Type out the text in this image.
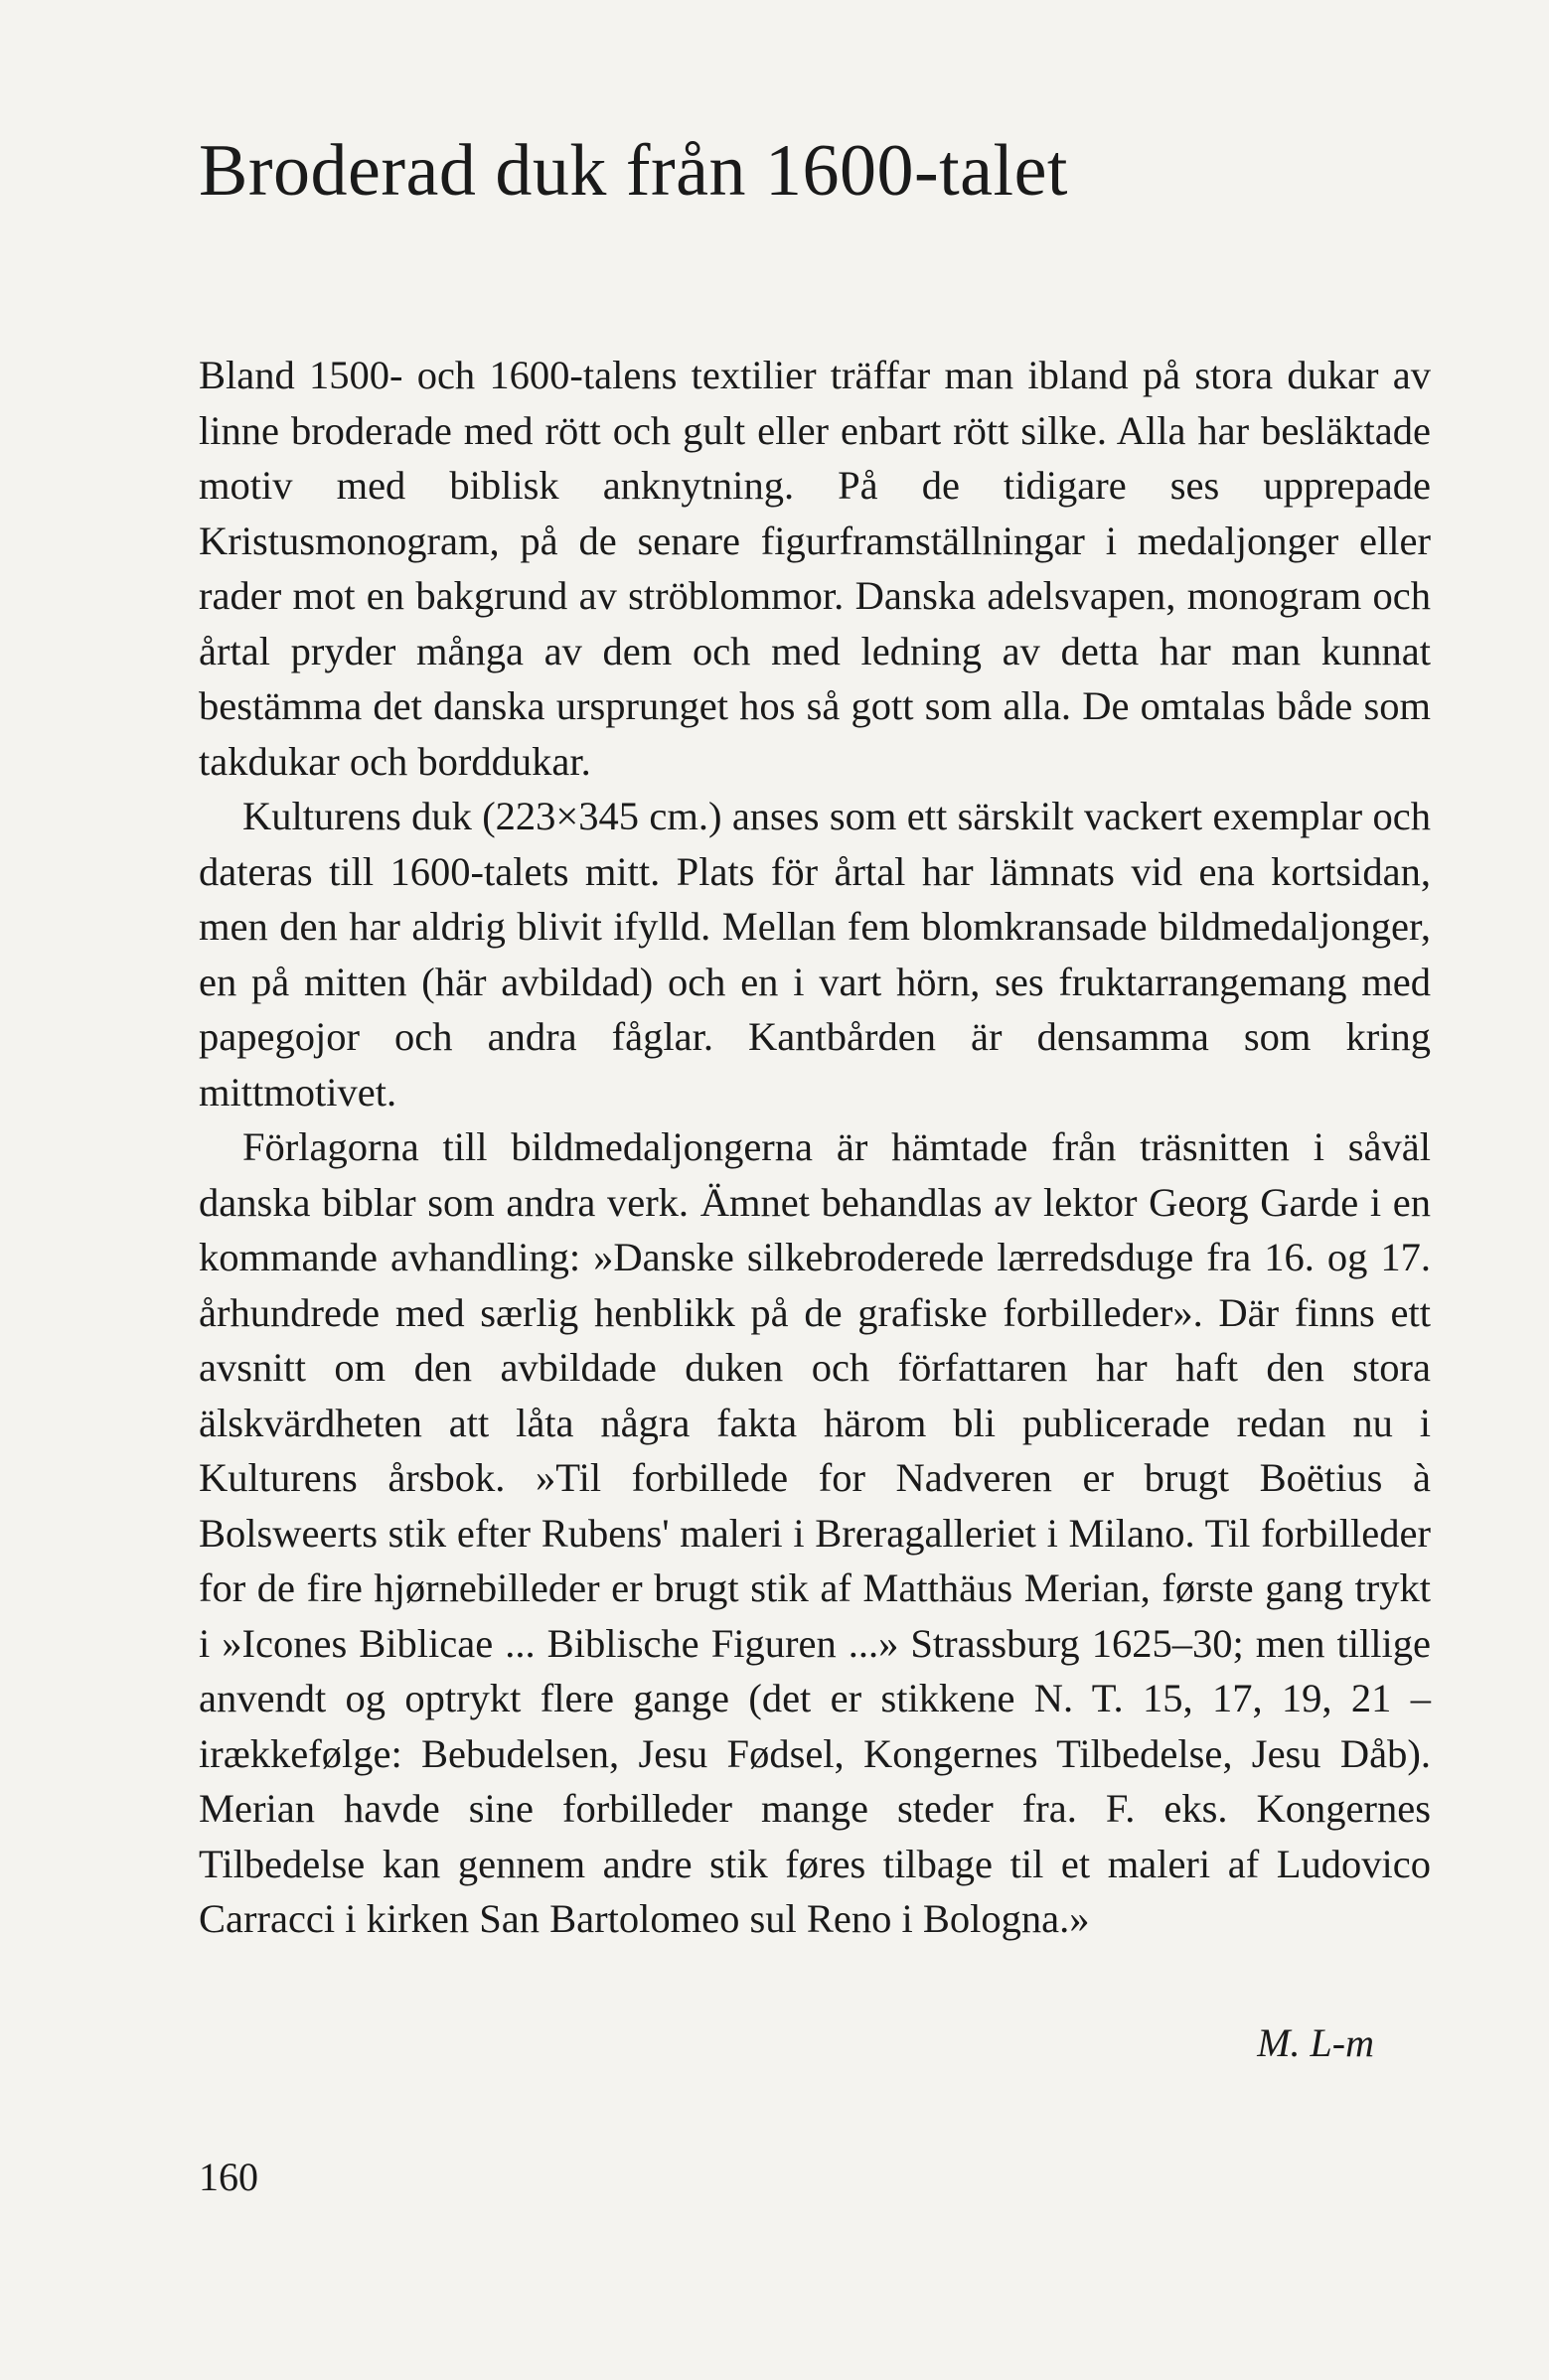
Broderad duk från 1600-talet

Bland 1500- och 1600-talens textilier träffar man ibland på stora dukar av linne broderade med rött och gult eller enbart rött silke. Alla har besläktade motiv med biblisk anknytning. På de tidigare ses upprepade Kristusmonogram, på de senare figurframställningar i medaljonger eller rader mot en bakgrund av ströblommor. Danska adelsvapen, monogram och årtal pryder många av dem och med ledning av detta har man kunnat bestämma det danska ursprunget hos så gott som alla. De omtalas både som takdukar och borddukar.

Kulturens duk (223×345 cm.) anses som ett särskilt vackert exemplar och dateras till 1600-talets mitt. Plats för årtal har lämnats vid ena kortsidan, men den har aldrig blivit ifylld. Mellan fem blomkransade bildmedaljonger, en på mitten (här avbildad) och en i vart hörn, ses fruktarrangemang med papegojor och andra fåglar. Kantbården är densamma som kring mittmotivet.

Förlagorna till bildmedaljongerna är hämtade från träsnitten i såväl danska biblar som andra verk. Ämnet behandlas av lektor Georg Garde i en kommande avhandling: »Danske silkebroderede lærredsduge fra 16. og 17. århundrede med særlig henblikk på de grafiske forbilleder». Där finns ett avsnitt om den avbildade duken och författaren har haft den stora älskvärdheten att låta några fakta härom bli publicerade redan nu i Kulturens årsbok. »Til forbillede for Nadveren er brugt Boëtius à Bolsweerts stik efter Rubens' maleri i Breragalleriet i Milano. Til forbilleder for de fire hjørnebilleder er brugt stik af Matthäus Merian, første gang trykt i »Icones Biblicae ... Biblische Figuren ...» Strassburg 1625–30; men tillige anvendt og optrykt flere gange (det er stikkene N. T. 15, 17, 19, 21 – irækkefølge: Bebudelsen, Jesu Fødsel, Kongernes Tilbedelse, Jesu Dåb). Merian havde sine forbilleder mange steder fra. F. eks. Kongernes Tilbedelse kan gennem andre stik føres tilbage til et maleri af Ludovico Carracci i kirken San Bartolomeo sul Reno i Bologna.»

M. L-m
160
